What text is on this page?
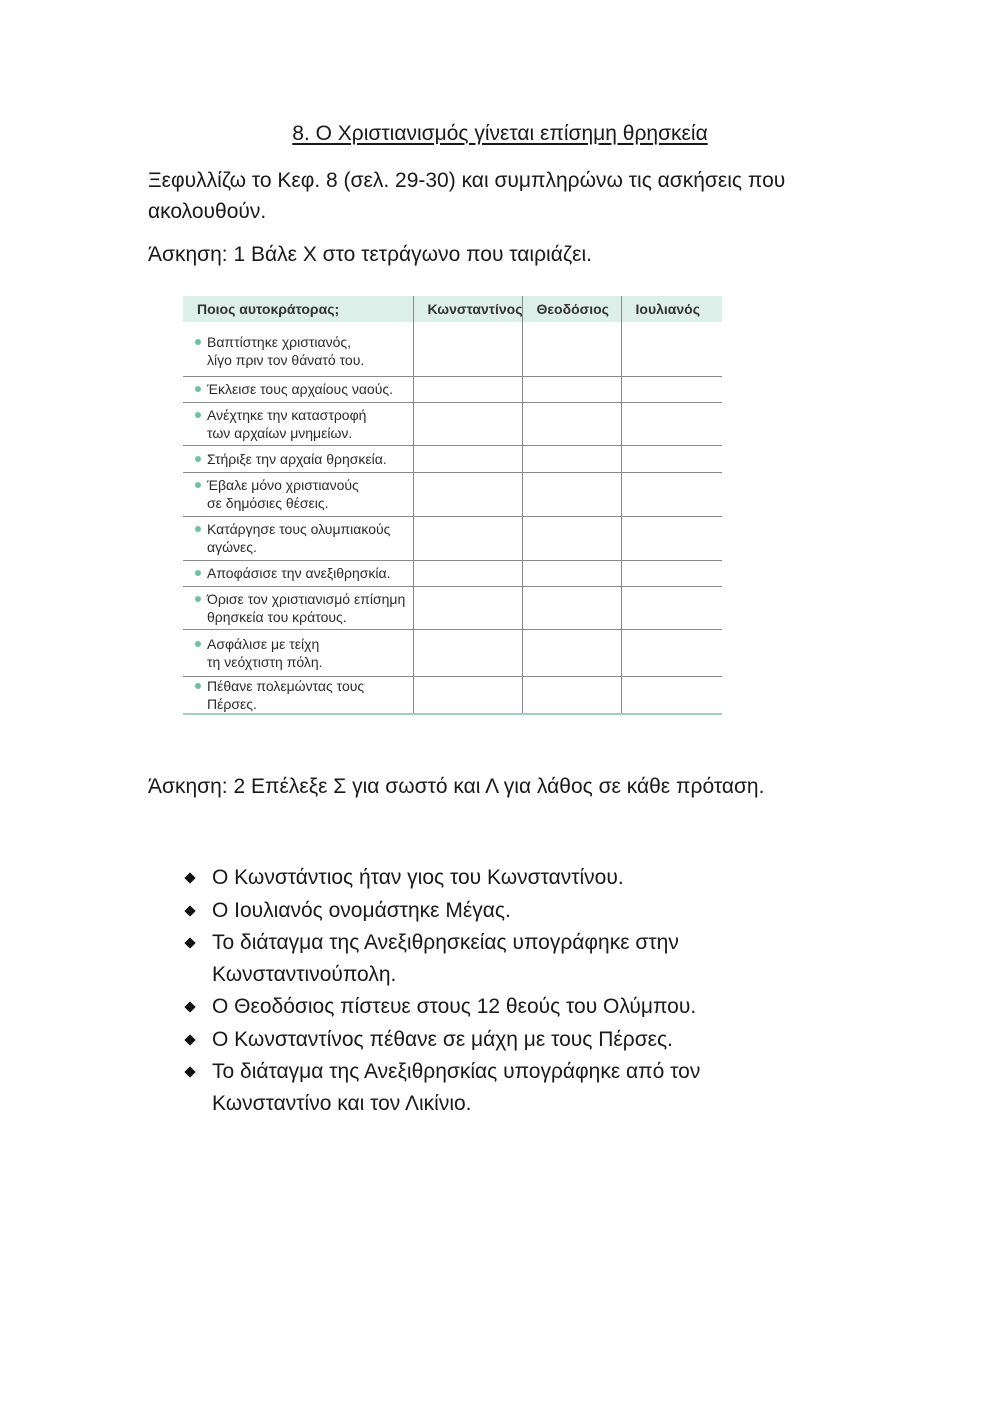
8. Ο Χριστιανισμός γίνεται επίσημη θρησκεία

Ξεφυλλίζω το Κεφ. 8 (σελ. 29-30) και συμπληρώνω τις ασκήσεις που ακολουθούν.

Άσκηση: 1 Βάλε Χ στο τετράγωνο που ταιριάζει.

Ποιος αυτοκράτορας;	Κωνσταντίνος	Θεοδόσιος	Ιουλιανός

Βαπτίστηκε χριστιανός,
λίγο πριν τον θάνατό του.			

Έκλεισε τους αρχαίους ναούς.			

Ανέχτηκε την καταστροφή
των αρχαίων μνημείων.			

Στήριξε την αρχαία θρησκεία.			

Έβαλε μόνο χριστιανούς
σε δημόσιες θέσεις.			

Κατάργησε τους ολυμπιακούς
αγώνες.			

Αποφάσισε την ανεξιθρησκία.			

Όρισε τον χριστιανισμό επίσημη
θρησκεία του κράτους.			

Ασφάλισε με τείχη
τη νεόχτιστη πόλη.			

Πέθανε πολεμώντας τους Πέρσες.			

Άσκηση: 2 Επέλεξε Σ για σωστό και Λ για λάθος σε κάθε πρόταση.

Ο Κωνστάντιος ήταν γιος του Κωνσταντίνου.
Ο Ιουλιανός ονομάστηκε Μέγας.
Το διάταγμα της Ανεξιθρησκείας υπογράφηκε στην
Κωνσταντινούπολη.
Ο Θεοδόσιος πίστευε στους 12 θεούς του Ολύμπου.
Ο Κωνσταντίνος πέθανε σε μάχη με τους Πέρσες.
Το διάταγμα της Ανεξιθρησκίας υπογράφηκε από τον
Κωνσταντίνο και τον Λικίνιο.
